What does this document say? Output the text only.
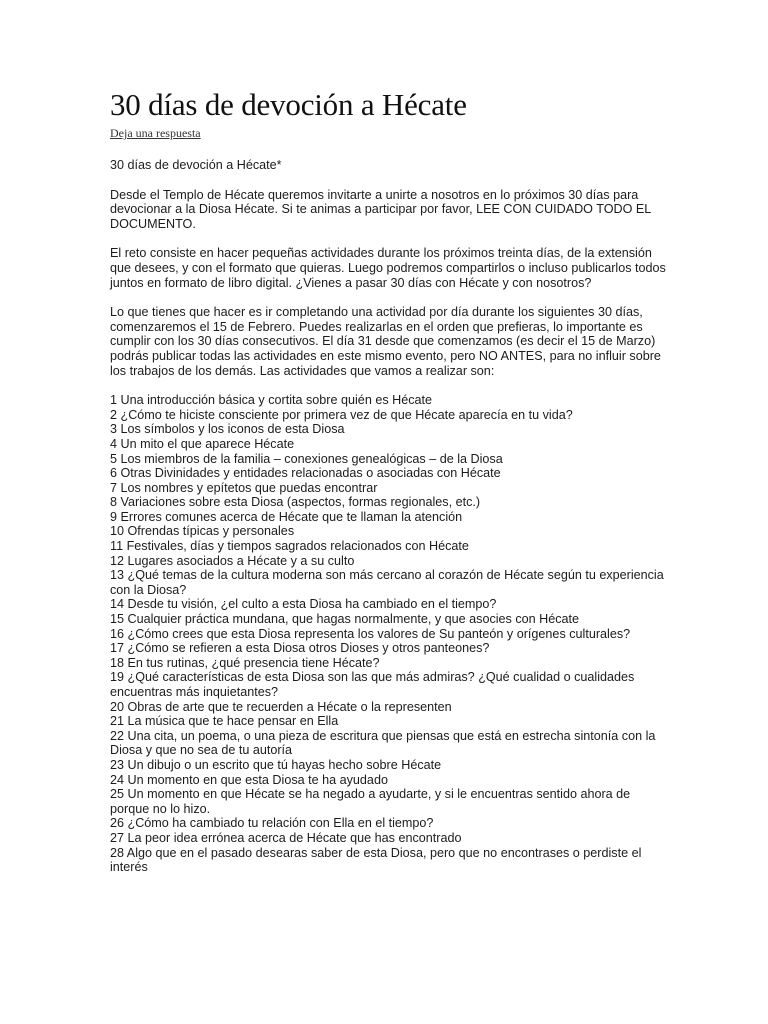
30 días de devoción a Hécate
Deja una respuesta

30 días de devoción a Hécate*

Desde el Templo de Hécate queremos invitarte a unirte a nosotros en lo próximos 30 días para devocionar a la Diosa Hécate. Si te animas a participar por favor, LEE CON CUIDADO TODO EL DOCUMENTO.

El reto consiste en hacer pequeñas actividades durante los próximos treinta días, de la extensión que desees, y con el formato que quieras. Luego podremos compartirlos o incluso publicarlos todos juntos en formato de libro digital. ¿Vienes a pasar 30 días con Hécate y con nosotros?

Lo que tienes que hacer es ir completando una actividad por día durante los siguientes 30 días, comenzaremos el 15 de Febrero. Puedes realizarlas en el orden que prefieras, lo importante es cumplir con los 30 días consecutivos. El día 31 desde que comenzamos (es decir el 15 de Marzo) podrás publicar todas las actividades en este mismo evento, pero NO ANTES, para no influir sobre los trabajos de los demás. Las actividades que vamos a realizar son:

1 Una introducción básica y cortita sobre quién es Hécate
2 ¿Cómo te hiciste consciente por primera vez de que Hécate aparecía en tu vida?
3 Los símbolos y los iconos de esta Diosa
4 Un mito el que aparece Hécate
5 Los miembros de la familia – conexiones genealógicas – de la Diosa
6 Otras Divinidades y entidades relacionadas o asociadas con Hécate
7 Los nombres y epítetos que puedas encontrar
8 Variaciones sobre esta Diosa (aspectos, formas regionales, etc.)
9 Errores comunes acerca de Hécate que te llaman la atención
10 Ofrendas típicas y personales
11 Festivales, días y tiempos sagrados relacionados con Hécate
12 Lugares asociados a Hécate y a su culto
13 ¿Qué temas de la cultura moderna son más cercano al corazón de Hécate según tu experiencia con la Diosa?
14 Desde tu visión, ¿el culto a esta Diosa ha cambiado en el tiempo?
15 Cualquier práctica mundana, que hagas normalmente, y que asocies con Hécate
16 ¿Cómo crees que esta Diosa representa los valores de Su panteón y orígenes culturales?
17 ¿Cómo se refieren a esta Diosa otros Dioses y otros panteones?
18 En tus rutinas, ¿qué presencia tiene Hécate?
19 ¿Qué características de esta Diosa son las que más admiras? ¿Qué cualidad o cualidades encuentras más inquietantes?
20 Obras de arte que te recuerden a Hécate o la representen
21 La música que te hace pensar en Ella
22 Una cita, un poema, o una pieza de escritura que piensas que está en estrecha sintonía con la Diosa y que no sea de tu autoría
23 Un dibujo o un escrito que tú hayas hecho sobre Hécate
24 Un momento en que esta Diosa te ha ayudado
25 Un momento en que Hécate se ha negado a ayudarte, y si le encuentras sentido ahora de porque no lo hizo.
26 ¿Cómo ha cambiado tu relación con Ella en el tiempo?
27 La peor idea errónea acerca de Hécate que has encontrado
28 Algo que en el pasado desearas saber de esta Diosa, pero que no encontrases o perdiste el interés
